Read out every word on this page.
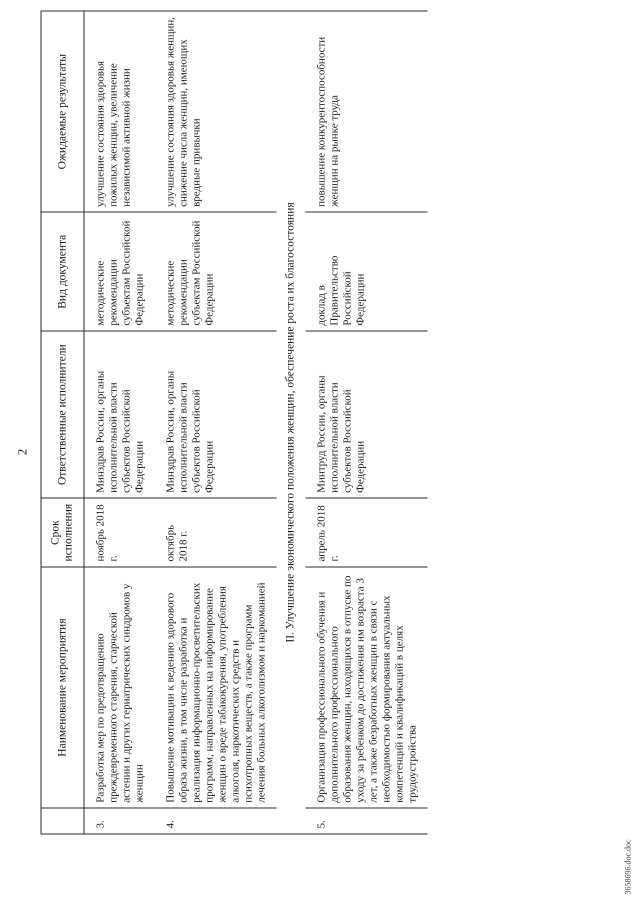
2
	Наименование мероприятия	Срок исполнения	Ответственные исполнители	Вид документа	Ожидаемые результаты
3.	Разработка мер по предотвращению преждевременного старения, старческой астении и других гериатрических синдромов у женщин	ноябрь 2018 г.	Минздрав России, органы исполнительной власти субъектов Российской Федерации	методические рекомендации субъектам Российской Федерации	улучшение состояния здоровья пожилых женщин, увеличение независимой активной жизни
4.	Повышение мотивации к ведению здорового образа жизни, в том числе разработка и реализация информационно-просветительских программ, направленных на информирование женщин о вреде табакокурения, употребления алкоголя, наркотических средств и психотропных веществ, а также программ лечения больных алкоголизмом и наркоманией	октябрь 2018 г.	Минздрав России, органы исполнительной власти субъектов Российской Федерации	методические рекомендации субъектам Российской Федерации	улучшение состояния здоровья женщин, снижение числа женщин, имеющих вредные привычки
II. Улучшение экономического положения женщин, обеспечение роста их благосостояния					
5.	Организация профессионального обучения и дополнительного профессионального образования женщин, находящихся в отпуске по уходу за ребенком до достижения им возраста 3 лет, а также безработных женщин в связи с необходимостью формирования актуальных компетенций и квалификаций в целях трудоустройства	апрель 2018 г.	Минтруд России, органы исполнительной власти субъектов Российской Федерации	доклад в Правительство Российской Федерации	повышение конкурентоспособности женщин на рынке труда
3658696.doc.doc
